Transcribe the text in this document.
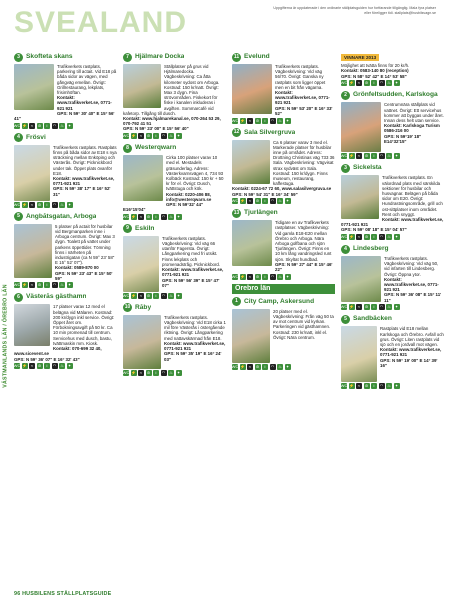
SVEALAND	Uppgifterna är uppdaterade i den ordinarie ställplatsguiden hur fortfarande tillgänglig. Mala fyra platser eller föreligger tidi. stallplats@husbilsvagn.se
VÄSTMANLANDS LÄN / ÖREBRO LÄN
3 Skofteta skans
Trafikverkets rastplats, parkering till actait. Vid E18 på båda sidor av vägen, med gångväg emellan. Övrigt: Grillrestaurang, lekplats, frisimhöftan.
Kontakt: www.trafikverket.se, 0771-921 921
GPS: N 59° 30' 40" E 15° 56' 41"
WC ⚡ ≈	⊘	i	◠ ♨	✦
4 Frösvi
Trafikverkets rastplats. Rastplats finns på båda sidor av E18 s nya sträckning mellan Enköping och Västerås. Övrigt: Picknickbord under tak. Öppet plats övanför E18.
Kontakt: www.trafikverket.se, 0771-921 921
GPS: N 59° 38' 17" E 16° 52' 31"
WC ⚡ ≈	⊘	i	◠ ♨	✦
5 Ängbåtsgatan, Arboga
5 platser på actait för husbilar vid Bergmanparken inne i Arboga centrum. Övrigt: Max 3 dygn. Toalett på vattet under parkens öppettider. Tömning finns i närheten på industrigatan (ca N 59° 23' 58" E 15° 52' 07").
Kontakt: 0589-870 00
GPS: N 59° 23' 43" E 15° 50' 59"
WC ⚡ ≈	⊘	i	◠ ♨	✦
6 Västerås gästhamn
17 platser varav 12 med el belägna vid Mälaren. Kostnad: 200 kr/dygn inkl service. Övrigt: Öppet året om. Förbokningsavgift på 50 kr. Ca 10 min promenad till centrum. Servicehus med dusch, bastu, tvättmaskin mm. Kiosk.
Kontakt: 070-699 32 40, www.sicevent.se
GPS: N 59° 36' 07" E 16° 32' 43"
WC ⚡ ≈	⊘	i	◠ ♨	✦
7 Hjälmare Docka
Ställplatser på grus vid Hjälmaredocka. Vägbeskrivning: Ca åtta kilometer sydost om Arboga. Kostnad: 150 kr/natt. Övrigt: Max 3 dygn. Fina strövområden. Fiskekort för fiske i kanalen inkluderas i avgiften. Sommarcafé vid kafetorp. Tillgång till dusch.
Kontakt: www.hjalmarekanal.se, 070-264 53 29, 070-792 41 51
GPS: N 59° 23' 00" E 15° 56' 40"
WC ⚡ ≈	⊘	i	◠ ♨	✦
8 Westerqwarn
Cirka 100 platser varav 10 med el. Mestadels gräsunderlag. Adress: Västerkvarnsvägen 4, 734 93 Kolbäck Kostnad: 150 kr + 50 kr för el. Övrigt: Dusch, tvättstuga och kök.
Kontakt: 0220-406 88, info@westerqwarn.se
GPS: N 59°32' 44" E16°15'04"
WC ⚡ ≈	⊘	i	◠ ♨	✦
9 Eskiln
Trafikverkets rastplats. Vägbeskrivning: Vid väg 66 utanför Fagersta. Övrigt: Långparkering med fri utsikt. Finns lekplats och promenadstråg. Picknickbord.
Kontakt: www.trafikverket.se, 0771-921 921
GPS: N 59° 56' 39" E 15° 47' 07"
WC ⚡ ≈	⊘	i	◠ ♨	✦
10 Råby
Trafikverkets rastplats. Vägbeskrivning: Vid E18 cirka 1 mil före Västerås i östergående riktning. Övrigt: Långparkering med nattavskärmad från E18.
Kontakt: www.trafikverket.se, 0771-921 921
GPS: N 59° 35' 19" E 16° 24' 03"
WC ⚡ ≈	⊘	i	◠ ♨	✦
11 Evelund
Trafikverkets rastplats. Vägbeskrivning: Vid väg 56/70. Övrigt: Ganska ny rastplats som ligger öppet men en bit från vägarna.
Kontakt: www.trafikverket.se, 0771-921 921
GPS: N 59° 53' 20" E 16° 33' 52"
WC ⚡ ≈	⊘	i	◠ ♨	✦
12 Sala Silvergruva
Ca 6 platser varav 3 med el. Markerade platser för husbilar inne på området. Adress: Drottning Christinas väg 733 36 Sala. Vägbeskrivning: Vägvisat strax sydväst om Sala. Kostnad: 150 kr/dygn. Finns museum, restaurang, kaffestuga.
Kontakt: 0224-67 72 60, www.salasilvergruva.se
GPS: N 59° 54' 31" E 16° 34' 59"
WC ⚡ ≈	⊘	i	◠ ♨	✦
13 Tjurlängen
Tidigare en av Trafikverkets rastplatser. Vägbeskrivning: Vid gamla E18-E20 mellan Örebro och Arboga. Nära Arboga golfbana och sjön Tjurlängen. Övrigt: Finns en 10 km lång vandringsled runt sjön. Skyltat hundbad.
GPS: N 59° 27' 44" E 15° 46' 22"
WC ⚡ ≈	⊘	i	◠ ♨	✦
Örebro län
1 City Camp, Askersund
20 platser med el. Vägbeskrivning: Från väg 50 ta av mot centrum vid kyrkan. Parkeringen vid gästhamnen. Kostnad: 230 kr/natt, inkl el. Övrigt: Nära centrum.
WC ⚡ ≈	⊘	i	◠ ♨	✦
VINNARE 2013
Möjlighet att tvätta finns för 20 kr/h.
Kontakt: 0583-140 80 (reception)
GPS: N 58° 52' 42" E 14° 53' 58"
WC ⚡ ≈	⊘	i	◠ ♨	✦
2 Grönfeltsudden, Karlskoga
Centrumnära ställplats vid vattnet. Övrigt: Ett servicehus kommer att byggas under året. Innan dess helt utan service.
Kontakt: Karlskoga Turism 0586-216 00
GPS: N 59°19' 18" E14°32'15"
WC ⚡ ≈	⊘	i	◠ ♨	✦
3 Sickelsta
Trafikverkets rastplats. En välordnad plats med särskilda sektioner för husbilar och husvagnar. Belägen på båda sidor om E20. Övrigt: Hundrastningsområde, grill och ost-sittplatser inom området. Rent och snyggt.
Kontakt: www.trafikverket.se, 0771-921 921
GPS: N 59° 08' 18" E 15° 04' 57"
WC ⚡ ≈	⊘	i	◠ ♨	✦
4 Lindesberg
Trafikverkets rastplats. Vägbeskrivning: Vid väg 50, vid infarten till Lindesberg. Övrigt: Öppna ytor.
Kontakt: www.trafikverket.se, 0771-921 921
GPS: N 59° 36' 08" E 15° 11' 11"
WC ⚡ ≈	⊘	i	◠ ♨	✦
5 Sandbäcken
Rastplats vid E18 mellan Karlskoga och Örebro. Avfall och grus. Övrigt: Liten rastplats vid sjö och en jordvall mot vägen.
Kontakt: www.trafikverket.se, 0771-921 921
GPS: N 59° 19' 00" E 14° 39' 16"
WC ⚡ ≈	⊘	i	◠ ♨	✦
96 HUSBILENS STÄLLPLATSGUIDE
